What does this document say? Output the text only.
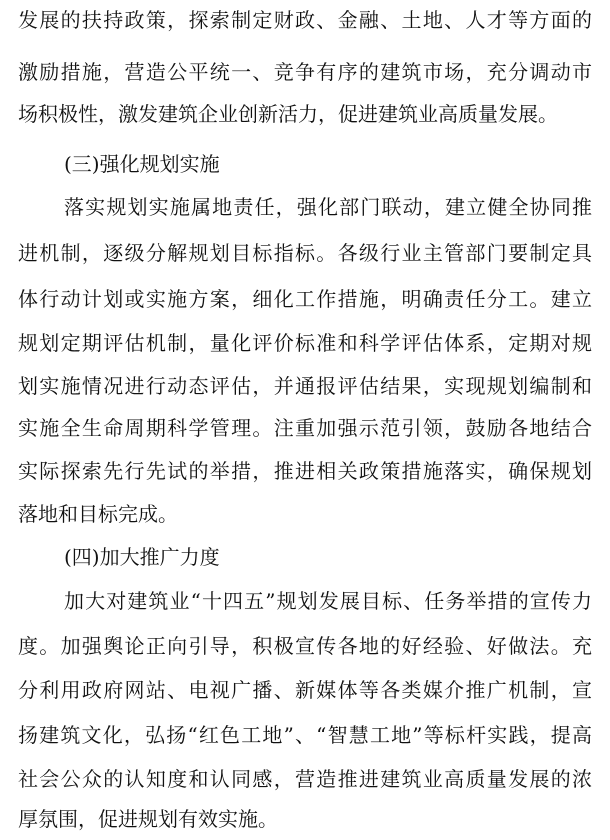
发展的扶持政策，探索制定财政、金融、土地、人才等方面的
激励措施，营造公平统一、竞争有序的建筑市场，充分调动市
场积极性，激发建筑企业创新活力，促进建筑业高质量发展。
(三)强化规划实施
落实规划实施属地责任，强化部门联动，建立健全协同推
进机制，逐级分解规划目标指标。各级行业主管部门要制定具
体行动计划或实施方案，细化工作措施，明确责任分工。建立
规划定期评估机制，量化评价标准和科学评估体系，定期对规
划实施情况进行动态评估，并通报评估结果，实现规划编制和
实施全生命周期科学管理。注重加强示范引领，鼓励各地结合
实际探索先行先试的举措，推进相关政策措施落实，确保规划
落地和目标完成。
(四)加大推广力度
加大对建筑业“十四五”规划发展目标、任务举措的宣传力
度。加强舆论正向引导，积极宣传各地的好经验、好做法。充
分利用政府网站、电视广播、新媒体等各类媒介推广机制，宣
扬建筑文化，弘扬“红色工地”、“智慧工地”等标杆实践，提高
社会公众的认知度和认同感，营造推进建筑业高质量发展的浓
厚氛围，促进规划有效实施。
